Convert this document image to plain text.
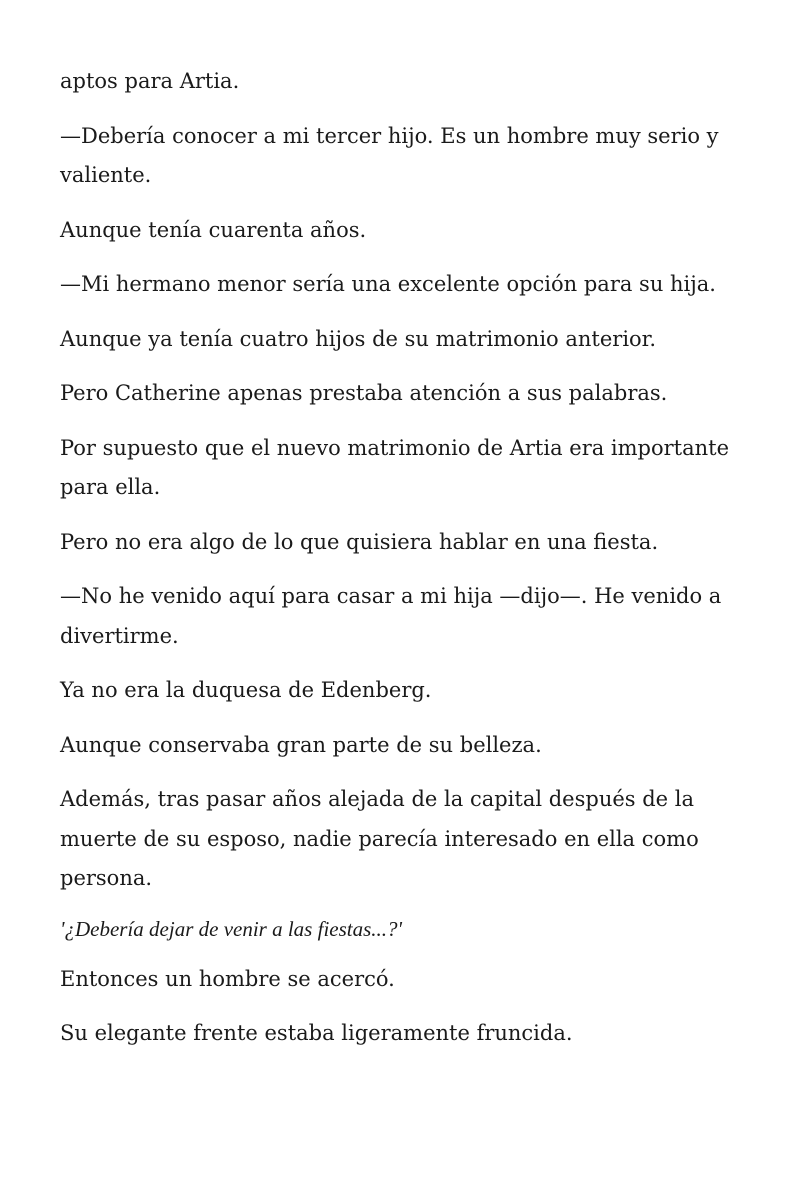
aptos para Artia.

—Debería conocer a mi tercer hijo. Es un hombre muy serio y valiente.

Aunque tenía cuarenta años.

—Mi hermano menor sería una excelente opción para su hija.

Aunque ya tenía cuatro hijos de su matrimonio anterior.

Pero Catherine apenas prestaba atención a sus palabras.

Por supuesto que el nuevo matrimonio de Artia era importante para ella.

Pero no era algo de lo que quisiera hablar en una fiesta.

—No he venido aquí para casar a mi hija —dijo—. He venido a divertirme.

Ya no era la duquesa de Edenberg.

Aunque conservaba gran parte de su belleza.

Además, tras pasar años alejada de la capital después de la muerte de su esposo, nadie parecía interesado en ella como persona.

'¿Debería dejar de venir a las fiestas...?'

Entonces un hombre se acercó.

Su elegante frente estaba ligeramente fruncida.
